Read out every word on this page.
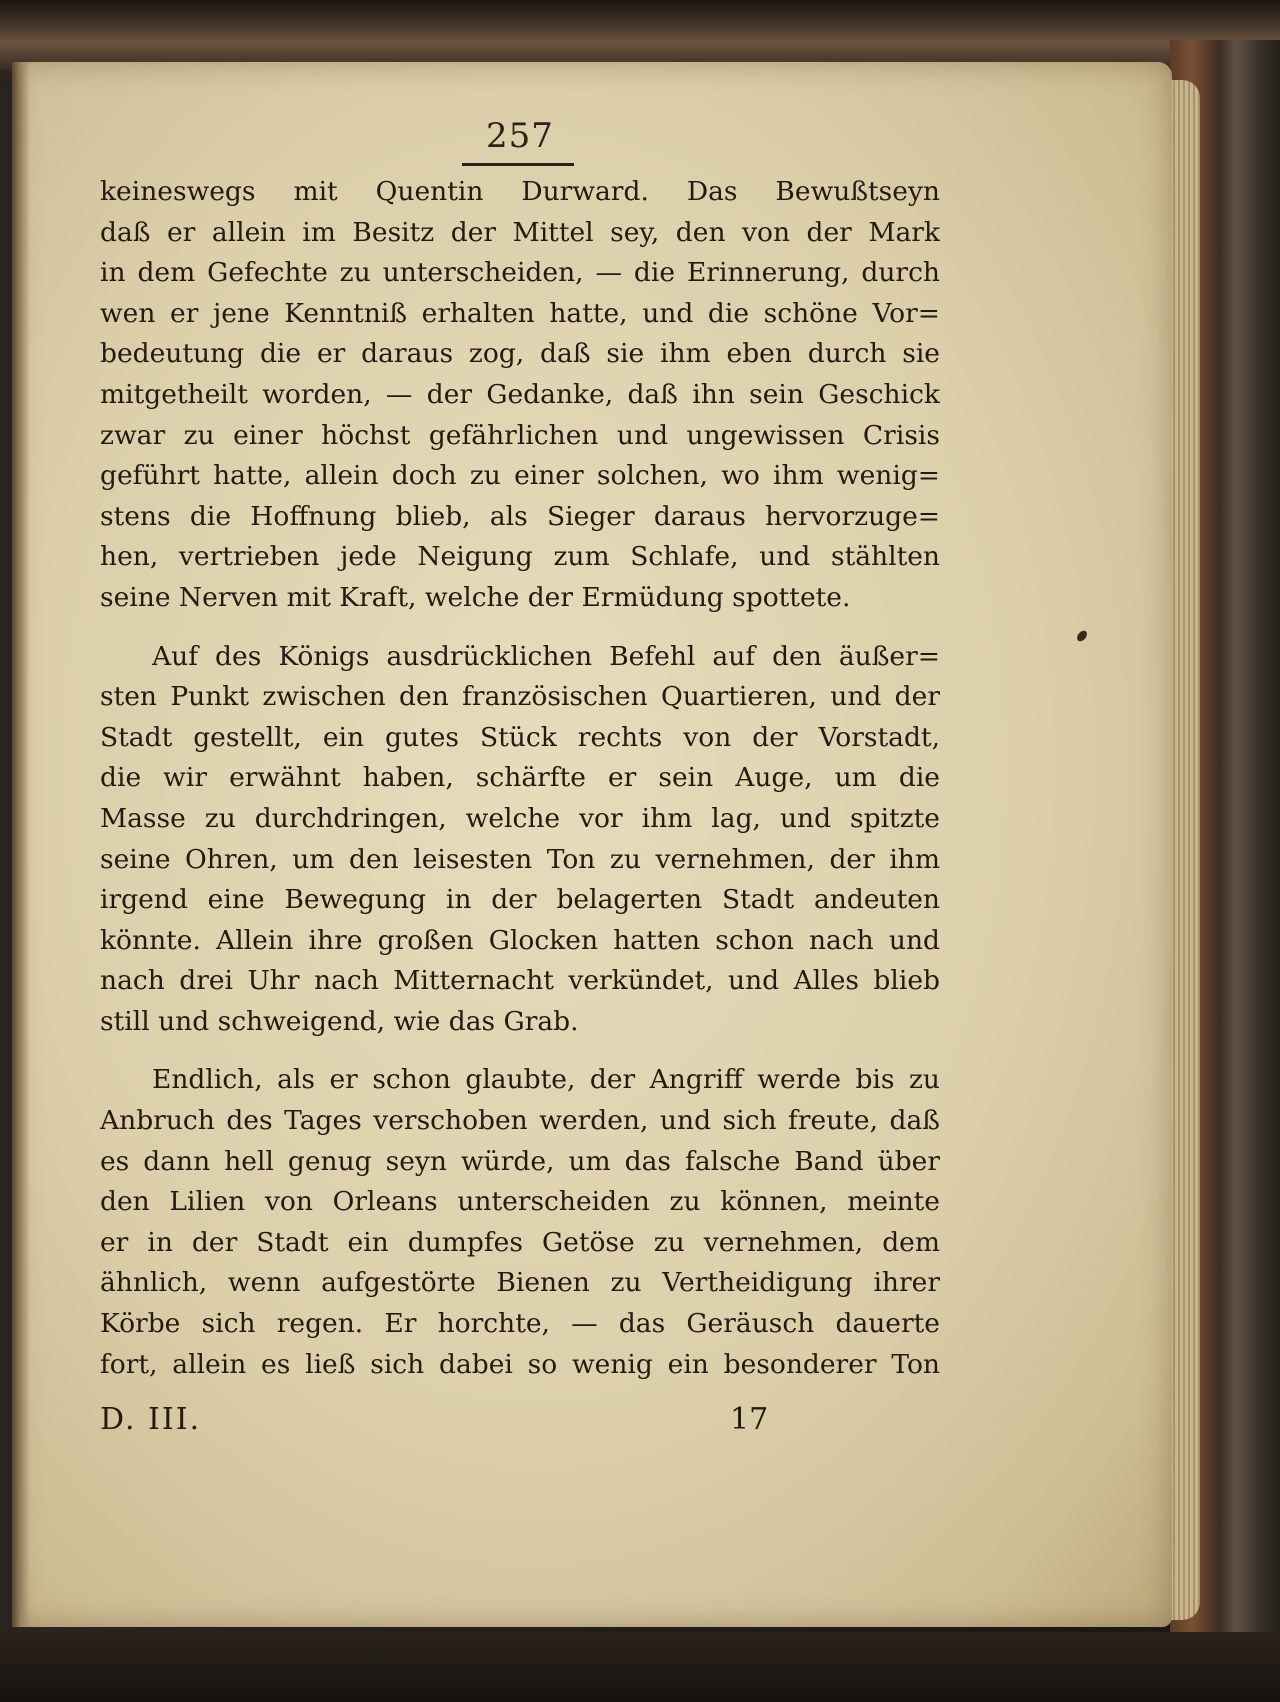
257
keineswegs mit Quentin Durward. Das Bewußtseyn
daß er allein im Besitz der Mittel sey, den von der Mark
in dem Gefechte zu unterscheiden, — die Erinnerung, durch
wen er jene Kenntniß erhalten hatte, und die schöne Vor=
bedeutung die er daraus zog, daß sie ihm eben durch sie
mitgetheilt worden, — der Gedanke, daß ihn sein Geschick
zwar zu einer höchst gefährlichen und ungewissen Crisis
geführt hatte, allein doch zu einer solchen, wo ihm wenig=
stens die Hoffnung blieb, als Sieger daraus hervorzuge=
hen, vertrieben jede Neigung zum Schlafe, und stählten
seine Nerven mit Kraft, welche der Ermüdung spottete.
Auf des Königs ausdrücklichen Befehl auf den äußer=
sten Punkt zwischen den französischen Quartieren, und der
Stadt gestellt, ein gutes Stück rechts von der Vorstadt,
die wir erwähnt haben, schärfte er sein Auge, um die
Masse zu durchdringen, welche vor ihm lag, und spitzte
seine Ohren, um den leisesten Ton zu vernehmen, der ihm
irgend eine Bewegung in der belagerten Stadt andeuten
könnte. Allein ihre großen Glocken hatten schon nach und
nach drei Uhr nach Mitternacht verkündet, und Alles blieb
still und schweigend, wie das Grab.
Endlich, als er schon glaubte, der Angriff werde bis zu
Anbruch des Tages verschoben werden, und sich freute, daß
es dann hell genug seyn würde, um das falsche Band über
den Lilien von Orleans unterscheiden zu können, meinte
er in der Stadt ein dumpfes Getöse zu vernehmen, dem
ähnlich, wenn aufgestörte Bienen zu Vertheidigung ihrer
Körbe sich regen. Er horchte, — das Geräusch dauerte
fort, allein es ließ sich dabei so wenig ein besonderer Ton
D. III.	17
